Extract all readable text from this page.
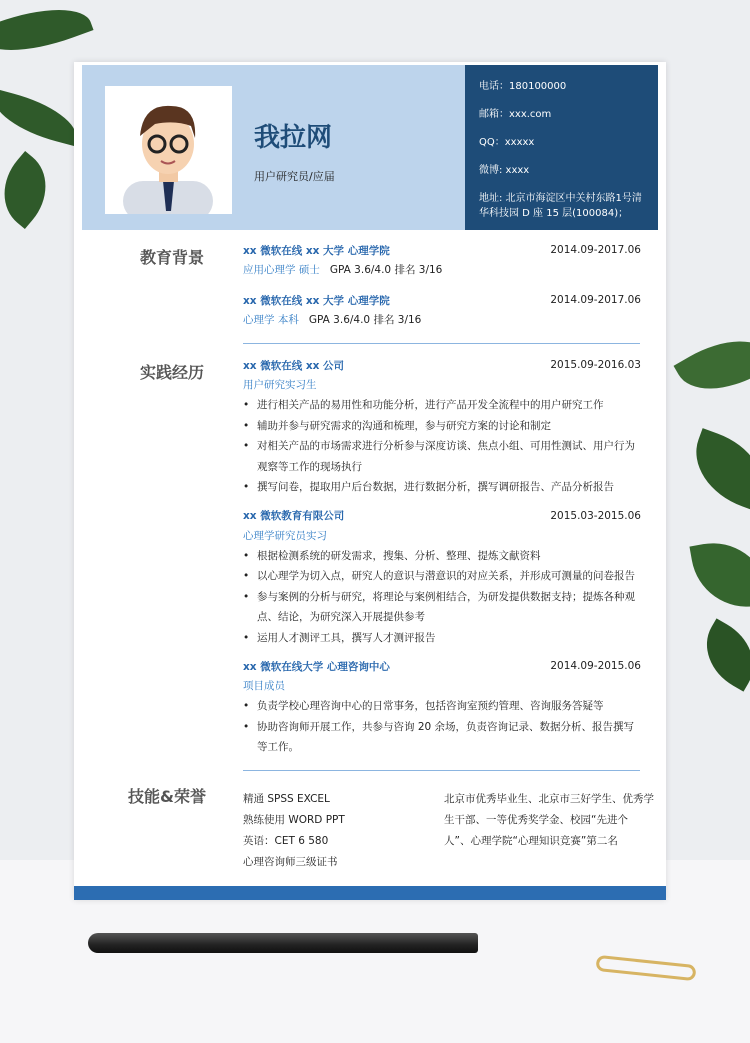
我拉网
用户研究员/应届
电话：180100000
邮箱：xxx.com
QQ：xxxxx
微博: xxxx
地址: 北京市海淀区中关村东路1号清华科技园 D 座 15 层(100084)；
教育背景	xx 微软在线 xx 大学 心理学院	2014.09-2017.06
应用心理学 硕士 GPA 3.6/4.0 排名 3/16
xx 微软在线 xx 大学 心理学院	2014.09-2017.06
心理学 本科 GPA 3.6/4.0 排名 3/16
实践经历	xx 微软在线 xx 公司	2015.09-2016.03
用户研究实习生
• 进行相关产品的易用性和功能分析，进行产品开发全流程中的用户研究工作
• 辅助并参与研究需求的沟通和梳理，参与研究方案的讨论和制定
• 对相关产品的市场需求进行分析参与深度访谈、焦点小组、可用性测试、用户行为观察等工作的现场执行
• 撰写问卷，提取用户后台数据，进行数据分析，撰写调研报告、产品分析报告
xx 微软教育有限公司	2015.03-2015.06
心理学研究员实习
• 根据检测系统的研发需求，搜集、分析、整理、提炼文献资料
• 以心理学为切入点，研究人的意识与潜意识的对应关系，并形成可测量的问卷报告
• 参与案例的分析与研究，将理论与案例相结合，为研发提供数据支持；提炼各种观点、结论，为研究深入开展提供参考
• 运用人才测评工具，撰写人才测评报告
xx 微软在线大学 心理咨询中心	2014.09-2015.06
项目成员
• 负责学校心理咨询中心的日常事务，包括咨询室预约管理、咨询服务答疑等
• 协助咨询师开展工作，共参与咨询 20 余场，负责咨询记录、数据分析、报告撰写等工作。
技能&荣誉	精通 SPSS EXCEL
熟练使用 WORD PPT
英语：CET 6 580
心理咨询师三级证书
北京市优秀毕业生、北京市三好学生、优秀学生干部、一等优秀奖学金、校园“先进个人”、心理学院“心理知识竞赛”第二名
